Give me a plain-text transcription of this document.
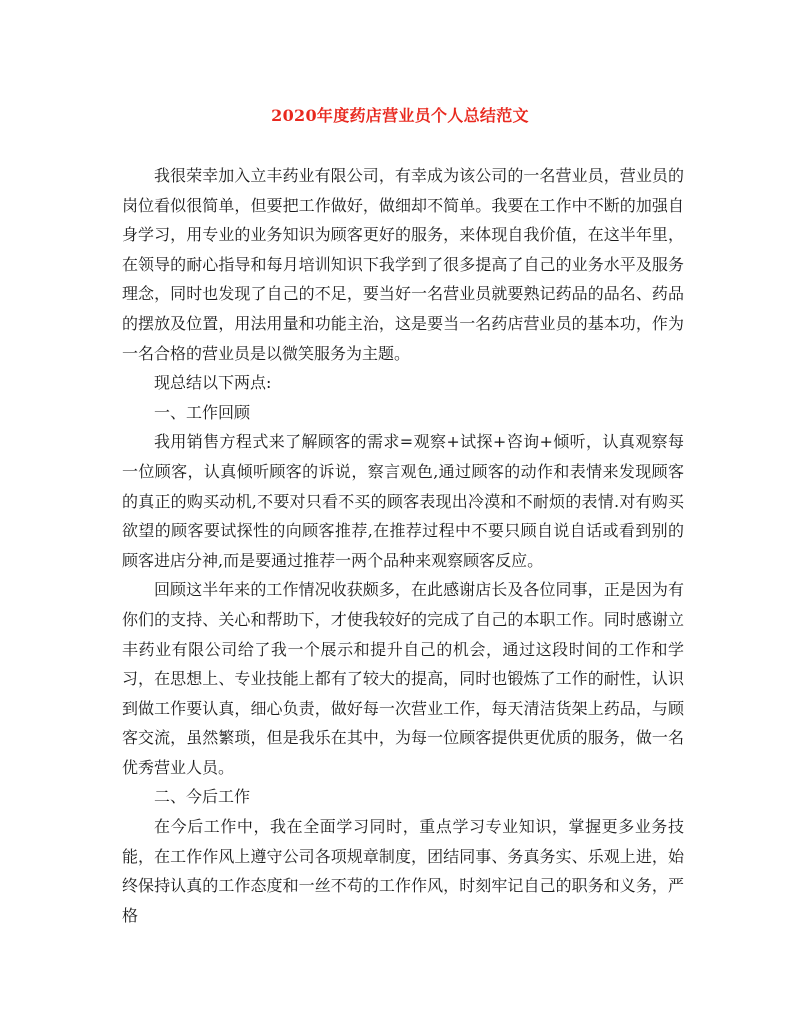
2020年度药店营业员个人总结范文

我很荣幸加入立丰药业有限公司，有幸成为该公司的一名营业员，营业员的岗位看似很简单，但要把工作做好，做细却不简单。我要在工作中不断的加强自身学习，用专业的业务知识为顾客更好的服务，来体现自我价值，在这半年里，在领导的耐心指导和每月培训知识下我学到了很多提高了自己的业务水平及服务理念，同时也发现了自己的不足，要当好一名营业员就要熟记药品的品名、药品的摆放及位置，用法用量和功能主治，这是要当一名药店营业员的基本功，作为一名合格的营业员是以微笑服务为主题。

现总结以下两点:

一、工作回顾

我用销售方程式来了解顾客的需求=观察+试探+咨询+倾听，认真观察每一位顾客，认真倾听顾客的诉说，察言观色,通过顾客的动作和表情来发现顾客的真正的购买动机,不要对只看不买的顾客表现出冷漠和不耐烦的表情.对有购买欲望的顾客要试探性的向顾客推荐,在推荐过程中不要只顾自说自话或看到别的顾客进店分神,而是要通过推荐一两个品种来观察顾客反应。

回顾这半年来的工作情况收获颇多，在此感谢店长及各位同事，正是因为有你们的支持、关心和帮助下，才使我较好的完成了自己的本职工作。同时感谢立丰药业有限公司给了我一个展示和提升自己的机会，通过这段时间的工作和学习，在思想上、专业技能上都有了较大的提高，同时也锻炼了工作的耐性，认识到做工作要认真，细心负责，做好每一次营业工作，每天清洁货架上药品，与顾客交流，虽然繁琐，但是我乐在其中，为每一位顾客提供更优质的服务，做一名优秀营业人员。

二、今后工作

在今后工作中，我在全面学习同时，重点学习专业知识，掌握更多业务技能，在工作作风上遵守公司各项规章制度，团结同事、务真务实、乐观上进，始终保持认真的工作态度和一丝不苟的工作作风，时刻牢记自己的职务和义务，严格
